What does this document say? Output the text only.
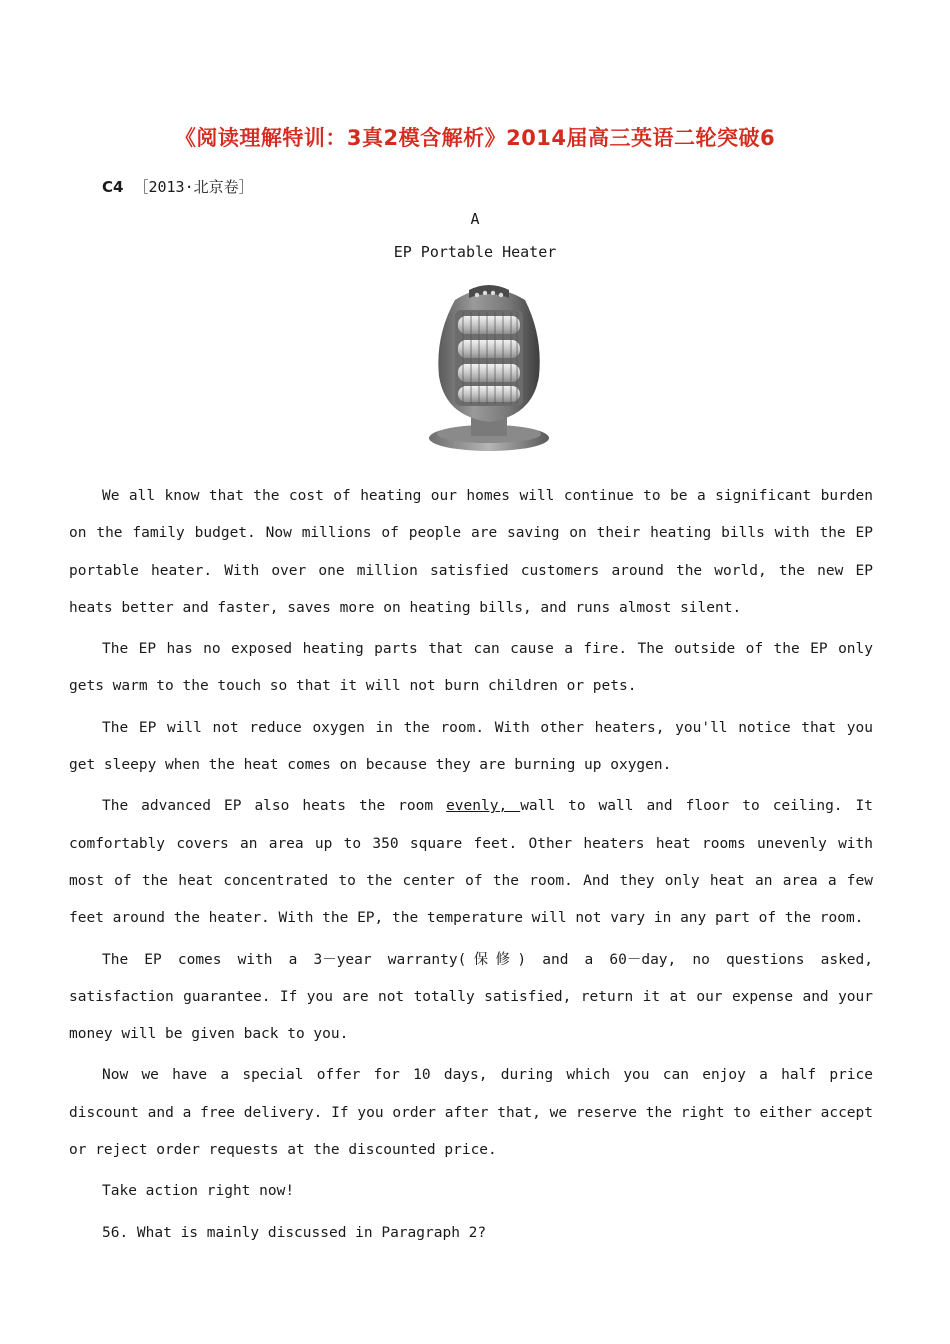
《阅读理解特训：3真2模含解析》2014届高三英语二轮突破6
C4 ［2013·北京卷］
A
EP Portable Heater

We all know that the cost of heating our homes will continue to be a significant burden on the family budget. Now millions of people are saving on their heating bills with the EP portable heater. With over one million satisfied customers around the world, the new EP heats better and faster, saves more on heating bills, and runs almost silent.

The EP has no exposed heating parts that can cause a fire. The outside of the EP only gets warm to the touch so that it will not burn children or pets.

The EP will not reduce oxygen in the room. With other heaters, you'll notice that you get sleepy when the heat comes on because they are burning up oxygen.

The advanced EP also heats the room evenly, wall to wall and floor to ceiling. It comfortably covers an area up to 350 square feet. Other heaters heat rooms unevenly with most of the heat concentrated to the center of the room. And they only heat an area a few feet around the heater. With the EP, the temperature will not vary in any part of the room.

The EP comes with a 3－year warranty(保修) and a 60－day, no questions asked, satisfaction guarantee. If you are not totally satisfied, return it at our expense and your money will be given back to you.

Now we have a special offer for 10 days, during which you can enjoy a half price discount and a free delivery. If you order after that, we reserve the right to either accept or reject order requests at the discounted price.

Take action right now!

56. What is mainly discussed in Paragraph 2?
